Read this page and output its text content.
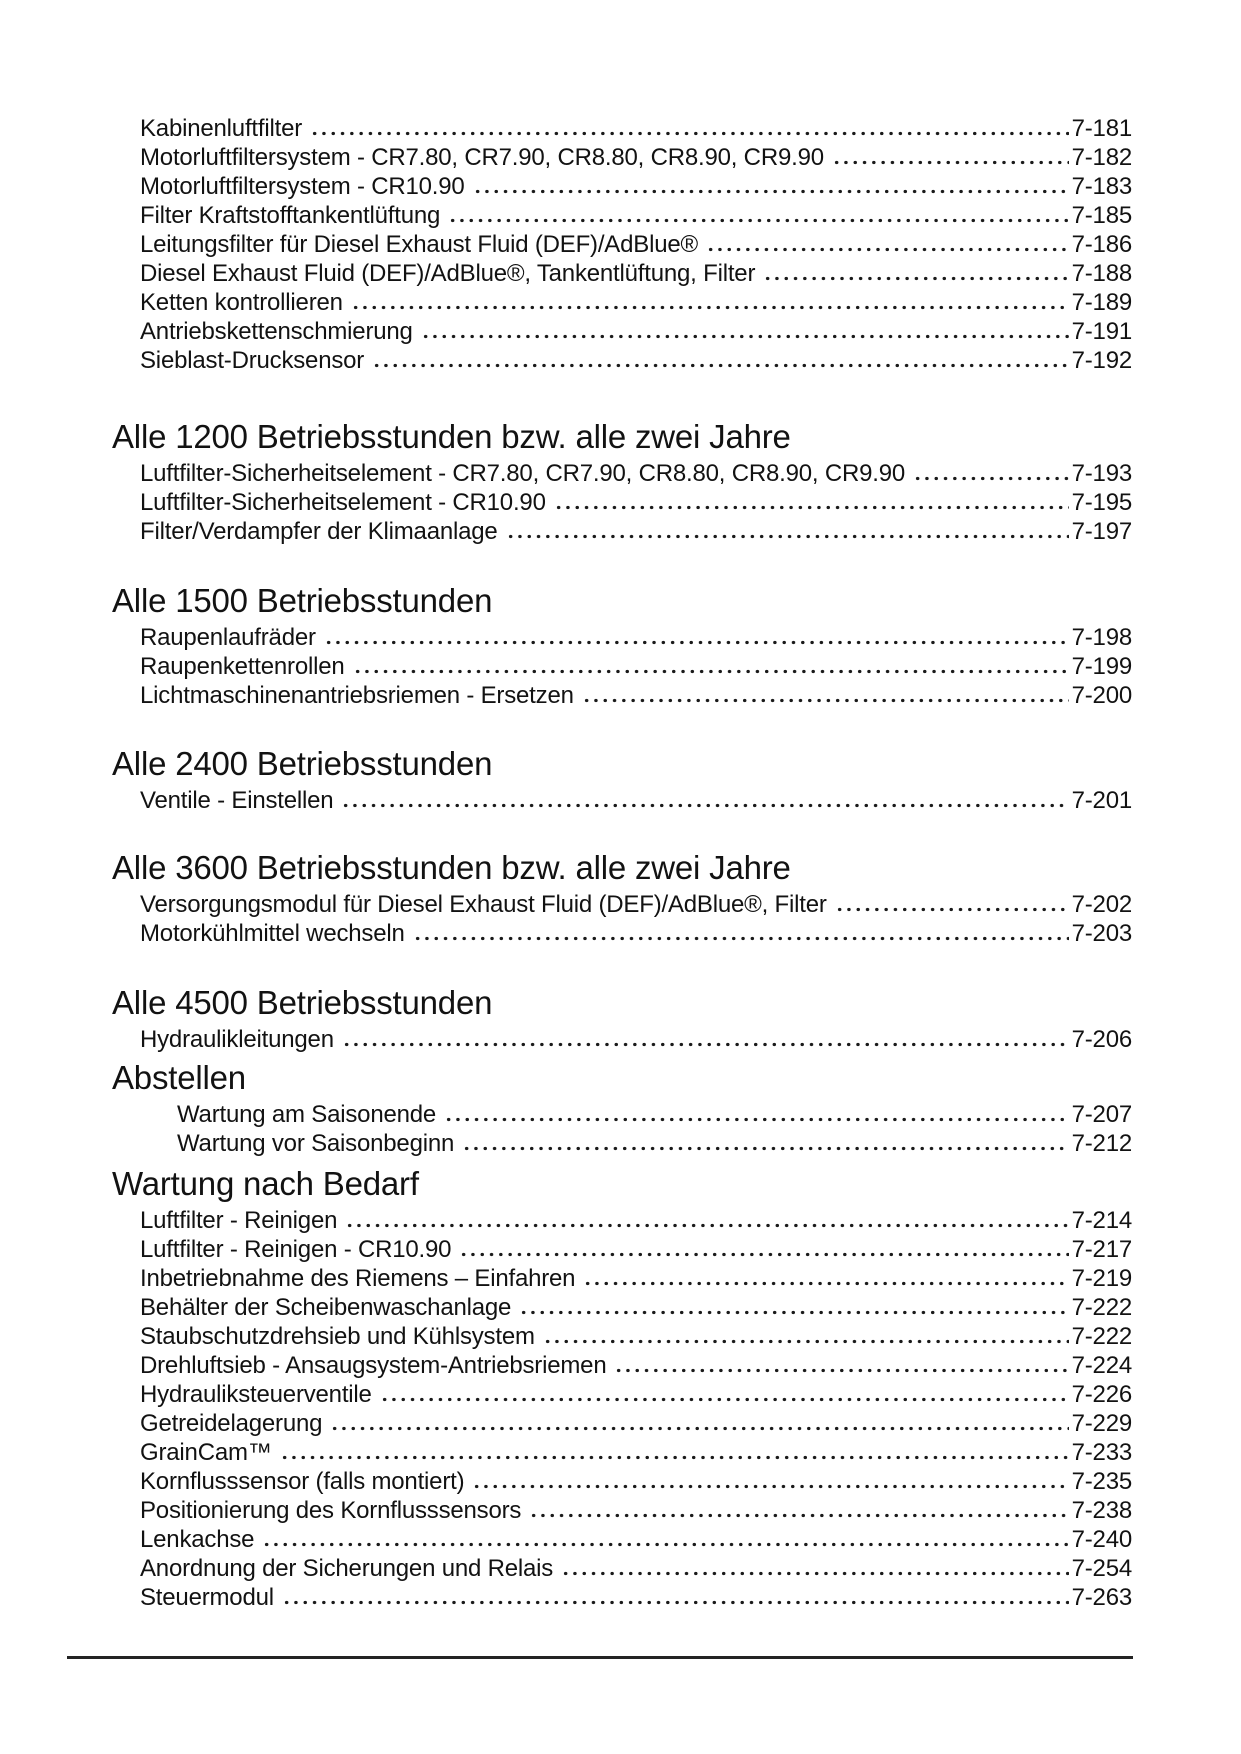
Kabinenluftfilter	7-181
Motorluftfiltersystem - CR7.80, CR7.90, CR8.80, CR8.90, CR9.90	7-182
Motorluftfiltersystem - CR10.90	7-183
Filter Kraftstofftankentlüftung	7-185
Leitungsfilter für Diesel Exhaust Fluid (DEF)/AdBlue®	7-186
Diesel Exhaust Fluid (DEF)/AdBlue®, Tankentlüftung, Filter	7-188
Ketten kontrollieren	7-189
Antriebskettenschmierung	7-191
Sieblast-Drucksensor	7-192
Alle 1200 Betriebsstunden bzw. alle zwei Jahre
Luftfilter-Sicherheitselement - CR7.80, CR7.90, CR8.80, CR8.90, CR9.90	7-193
Luftfilter-Sicherheitselement - CR10.90	7-195
Filter/Verdampfer der Klimaanlage	7-197
Alle 1500 Betriebsstunden
Raupenlaufräder	7-198
Raupenkettenrollen	7-199
Lichtmaschinenantriebsriemen - Ersetzen	7-200
Alle 2400 Betriebsstunden
Ventile - Einstellen	7-201
Alle 3600 Betriebsstunden bzw. alle zwei Jahre
Versorgungsmodul für Diesel Exhaust Fluid (DEF)/AdBlue®, Filter	7-202
Motorkühlmittel wechseln	7-203
Alle 4500 Betriebsstunden
Hydraulikleitungen	7-206
Abstellen
Wartung am Saisonende	7-207
Wartung vor Saisonbeginn	7-212
Wartung nach Bedarf
Luftfilter - Reinigen	7-214
Luftfilter - Reinigen - CR10.90	7-217
Inbetriebnahme des Riemens – Einfahren	7-219
Behälter der Scheibenwaschanlage	7-222
Staubschutzdrehsieb und Kühlsystem	7-222
Drehluftsieb - Ansaugsystem-Antriebsriemen	7-224
Hydrauliksteuerventile	7-226
Getreidelagerung	7-229
GrainCam™	7-233
Kornflusssensor (falls montiert)	7-235
Positionierung des Kornflusssensors	7-238
Lenkachse	7-240
Anordnung der Sicherungen und Relais	7-254
Steuermodul	7-263
